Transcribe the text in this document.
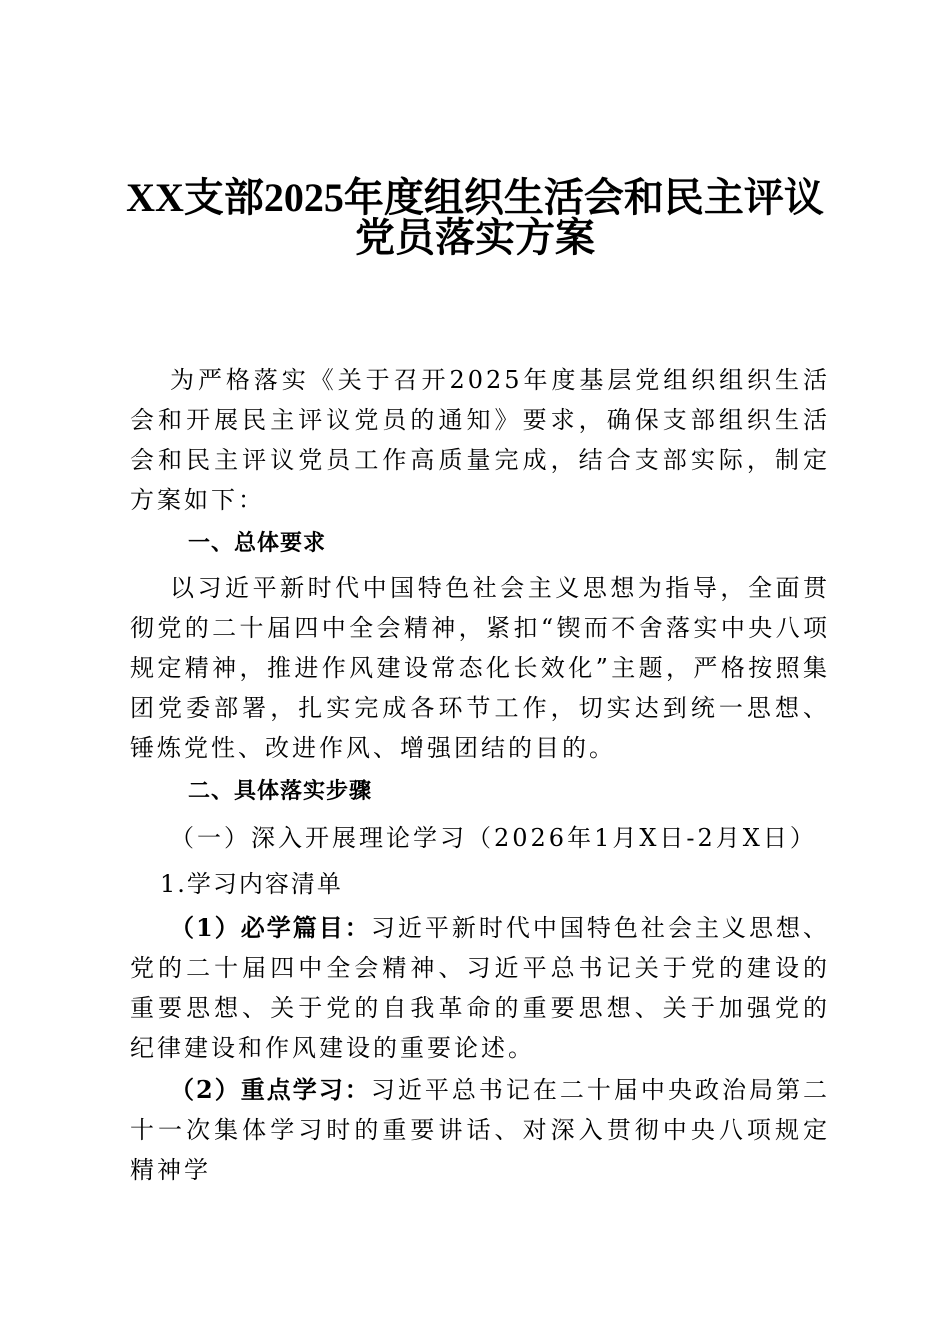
XX支部2025年度组织生活会和民主评议
党员落实方案

为严格落实《关于召开2025年度基层党组织组织生活会和开展民主评议党员的通知》要求，确保支部组织生活会和民主评议党员工作高质量完成，结合支部实际，制定方案如下：

一、总体要求

以习近平新时代中国特色社会主义思想为指导，全面贯彻党的二十届四中全会精神，紧扣“锲而不舍落实中央八项规定精神，推进作风建设常态化长效化”主题，严格按照集团党委部署，扎实完成各环节工作，切实达到统一思想、锤炼党性、改进作风、增强团结的目的。

二、具体落实步骤
（一）深入开展理论学习（2026年1月X日-2月X日）
1.学习内容清单

（1）必学篇目：习近平新时代中国特色社会主义思想、党的二十届四中全会精神、习近平总书记关于党的建设的重要思想、关于党的自我革命的重要思想、关于加强党的纪律建设和作风建设的重要论述。

（2）重点学习：习近平总书记在二十届中央政治局第二十一次集体学习时的重要讲话、对深入贯彻中央八项规定精神学
